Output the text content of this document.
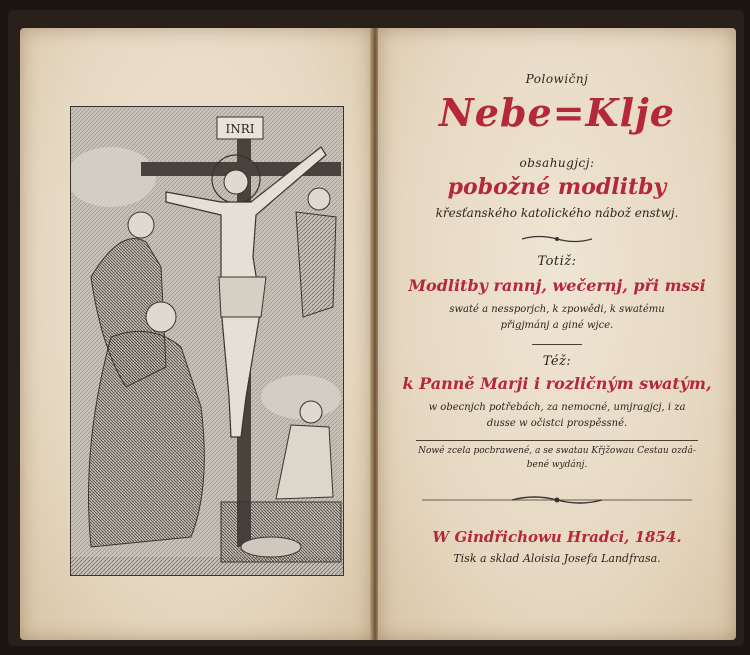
INRI
Polowičnj
Nebe=Klje
obsahugjcj:
pobožné modlitby
křesťanského katolického nábož enstwj.
Totiž:
Modlitby rannj, wečernj, při mssi
swaté a nessporjch, k zpowědi, k swatému
přigjmánj a giné wjce.
Též:
k Panně Marji i rozličným swatým,
w obecnjch potřebách, za nemocné, umjragjcj, i za
dusse w očistci prospěssné.
Nowé zcela pocbrawené, a se swatau Křjžowau Cestau ozdá-
bené wydánj.
W Gindřichowu Hradci, 1854.
Tisk a sklad Aloisia Josefa Landfrasa.
